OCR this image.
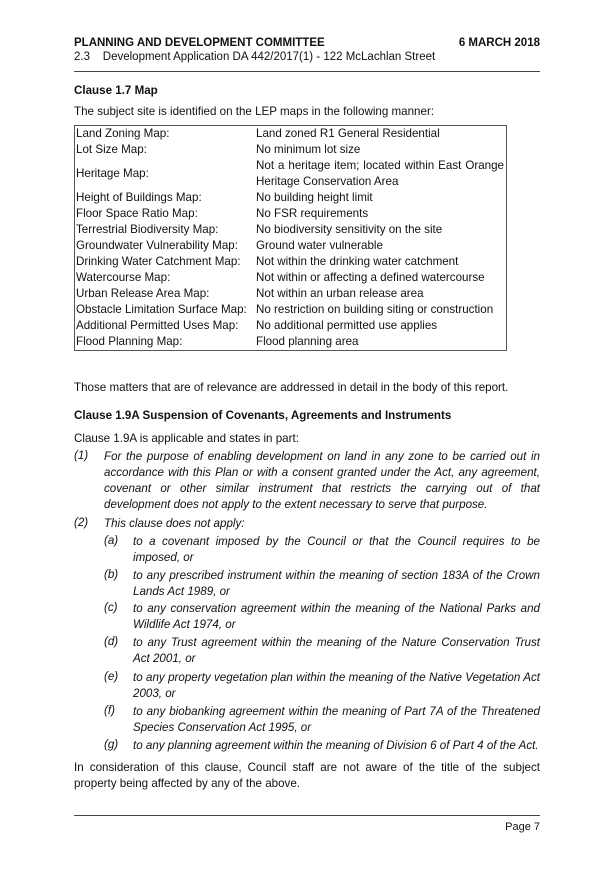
PLANNING AND DEVELOPMENT COMMITTEE
2.3    Development Application DA 442/2017(1) - 122 McLachlan Street
6 MARCH 2018
Clause 1.7 Map
The subject site is identified on the LEP maps in the following manner:
Land Zoning Map:	Land zoned R1 General Residential
Lot Size Map:	No minimum lot size
Heritage Map:	Not a heritage item; located within East Orange Heritage Conservation Area
Height of Buildings Map:	No building height limit
Floor Space Ratio Map:	No FSR requirements
Terrestrial Biodiversity Map:	No biodiversity sensitivity on the site
Groundwater Vulnerability Map:	Ground water vulnerable
Drinking Water Catchment Map:	Not within the drinking water catchment
Watercourse Map:	Not within or affecting a defined watercourse
Urban Release Area Map:	Not within an urban release area
Obstacle Limitation Surface Map:	No restriction on building siting or construction
Additional Permitted Uses Map:	No additional permitted use applies
Flood Planning Map:	Flood planning area
Those matters that are of relevance are addressed in detail in the body of this report.
Clause 1.9A Suspension of Covenants, Agreements and Instruments
Clause 1.9A is applicable and states in part:
(1) For the purpose of enabling development on land in any zone to be carried out in accordance with this Plan or with a consent granted under the Act, any agreement, covenant or other similar instrument that restricts the carrying out of that development does not apply to the extent necessary to serve that purpose.
(2) This clause does not apply:
(a) to a covenant imposed by the Council or that the Council requires to be imposed, or
(b) to any prescribed instrument within the meaning of section 183A of the Crown Lands Act 1989, or
(c) to any conservation agreement within the meaning of the National Parks and Wildlife Act 1974, or
(d) to any Trust agreement within the meaning of the Nature Conservation Trust Act 2001, or
(e) to any property vegetation plan within the meaning of the Native Vegetation Act 2003, or
(f) to any biobanking agreement within the meaning of Part 7A of the Threatened Species Conservation Act 1995, or
(g) to any planning agreement within the meaning of Division 6 of Part 4 of the Act.
In consideration of this clause, Council staff are not aware of the title of the subject property being affected by any of the above.
Page 7
